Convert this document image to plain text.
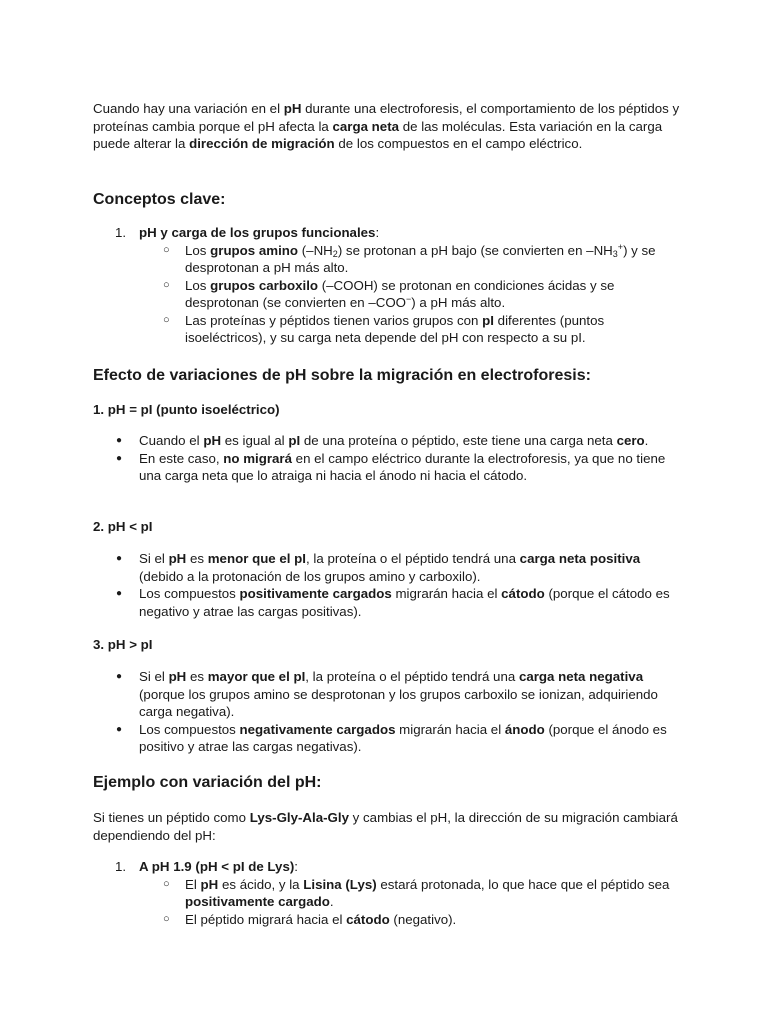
Cuando hay una variación en el pH durante una electroforesis, el comportamiento de los péptidos y proteínas cambia porque el pH afecta la carga neta de las moléculas. Esta variación en la carga puede alterar la dirección de migración de los compuestos en el campo eléctrico.

Conceptos clave:
1. pH y carga de los grupos funcionales:
○ Los grupos amino $(-NH_2)$ se protonan a pH bajo (se convierten en $-NH_3^+$) y se desprotonan a pH más alto.
○ Los grupos carboxilo (–COOH) se protonan en condiciones ácidas y se desprotonan (se convierten en –COO−) a pH más alto.
○ Las proteínas y péptidos tienen varios grupos con pI diferentes (puntos isoeléctricos), y su carga neta depende del pH con respecto a su pI.
Efecto de variaciones de pH sobre la migración en electroforesis:
1. pH = pI (punto isoeléctrico)
● Cuando el pH es igual al pI de una proteína o péptido, este tiene una carga neta cero.
● En este caso, no migrará en el campo eléctrico durante la electroforesis, ya que no tiene una carga neta que lo atraiga ni hacia el ánodo ni hacia el cátodo.
2. pH < pI
● Si el pH es menor que el pI, la proteína o el péptido tendrá una carga neta positiva (debido a la protonación de los grupos amino y carboxilo).
● Los compuestos positivamente cargados migrarán hacia el cátodo (porque el cátodo es negativo y atrae las cargas positivas).
3. pH > pI
● Si el pH es mayor que el pI, la proteína o el péptido tendrá una carga neta negativa (porque los grupos amino se desprotonan y los grupos carboxilo se ionizan, adquiriendo carga negativa).
● Los compuestos negativamente cargados migrarán hacia el ánodo (porque el ánodo es positivo y atrae las cargas negativas).
Ejemplo con variación del pH:

Si tienes un péptido como Lys-Gly-Ala-Gly y cambias el pH, la dirección de su migración cambiará dependiendo del pH:

1. A pH 1.9 (pH < pI de Lys):
○ El pH es ácido, y la Lisina (Lys) estará protonada, lo que hace que el péptido sea positivamente cargado.
○ El péptido migrará hacia el cátodo (negativo).
